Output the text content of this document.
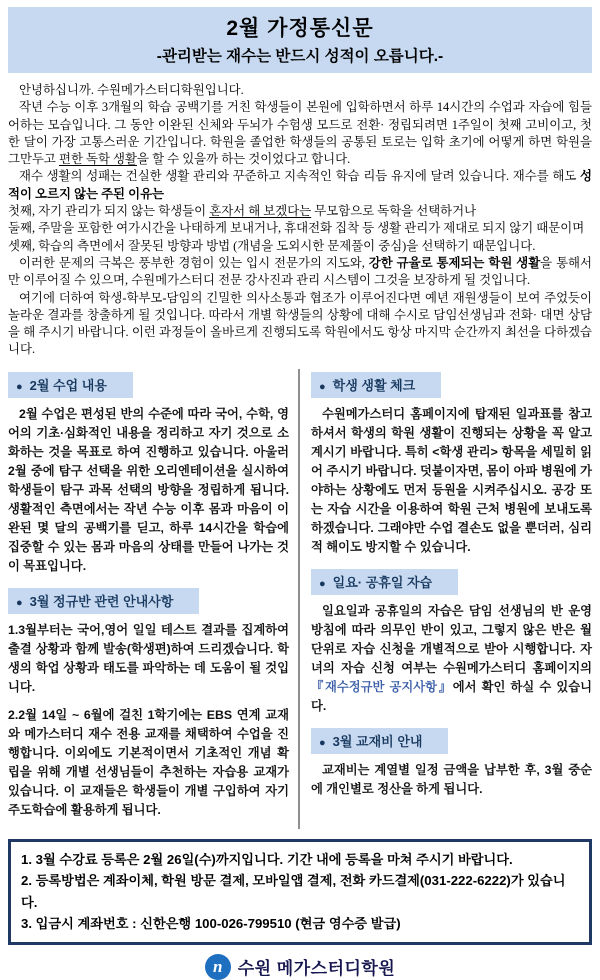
2월 가정통신문
-관리받는 재수는 반드시 성적이 오릅니다.-

안녕하십니까. 수원메가스터디학원입니다.

작년 수능 이후 3개월의 학습 공백기를 거친 학생들이 본원에 입학하면서 하루 14시간의 수업과 자습에 힘들어하는 모습입니다. 그 동안 이완된 신체와 두뇌가 수험생 모드로 전환· 정립되려면 1주일이 첫째 고비이고, 첫 한 달이 가장 고통스러운 기간입니다. 학원을 졸업한 학생들의 공통된 토로는 입학 초기에 어떻게 하면 학원을 그만두고 편한 독학 생활을 할 수 있을까 하는 것이었다고 합니다.

재수 생활의 성패는 건실한 생활 관리와 꾸준하고 지속적인 학습 리듬 유지에 달려 있습니다. 재수를 해도 성적이 오르지 않는 주된 이유는

첫째, 자기 관리가 되지 않는 학생들이 혼자서 해 보겠다는 무모함으로 독학을 선택하거나

둘째, 주말을 포함한 여가시간을 나태하게 보내거나, 휴대전화 집착 등 생활 관리가 제대로 되지 않기 때문이며

셋째, 학습의 측면에서 잘못된 방향과 방법 (개념을 도외시한 문제풀이 중심)을 선택하기 때문입니다.

이러한 문제의 극복은 풍부한 경험이 있는 입시 전문가의 지도와, 강한 규율로 통제되는 학원 생활을 통해서만 이루어질 수 있으며, 수원메가스터디 전문 강사진과 관리 시스템이 그것을 보장하게 될 것입니다.

여기에 더하여 학생-학부모-담임의 긴밀한 의사소통과 협조가 이루어진다면 예년 재원생들이 보여 주었듯이 놀라운 결과를 창출하게 될 것입니다. 따라서 개별 학생들의 상황에 대해 수시로 담임선생님과 전화· 대면 상담을 해 주시기 바랍니다. 이런 과정들이 올바르게 진행되도록 학원에서도 항상 마지막 순간까지 최선을 다하겠습니다.

● 2월 수업 내용

2월 수업은 편성된 반의 수준에 따라 국어, 수학, 영어의 기초·심화적인 내용을 정리하고 자기 것으로 소화하는 것을 목표로 하여 진행하고 있습니다. 아울러 2월 중에 탐구 선택을 위한 오리엔테이션을 실시하여 학생들이 탐구 과목 선택의 방향을 정립하게 됩니다. 생활적인 측면에서는 작년 수능 이후 몸과 마음이 이완된 몇 달의 공백기를 딛고, 하루 14시간을 학습에 집중할 수 있는 몸과 마음의 상태를 만들어 나가는 것이 목표입니다.

● 3월 정규반 관련 안내사항

1.3월부터는 국어,영어 일일 테스트 결과를 집계하여 출결 상황과 함께 발송(학생편)하여 드리겠습니다. 학생의 학업 상황과 태도를 파악하는 데 도움이 될 것입니다.

2.2월 14일 ~ 6월에 걸친 1학기에는 EBS 연계 교재와 메가스터디 재수 전용 교재를 채택하여 수업을 진행합니다. 이외에도 기본적이면서 기초적인 개념 확립을 위해 개별 선생님들이 추천하는 자습용 교재가 있습니다. 이 교재들은 학생들이 개별 구입하여 자기주도학습에 활용하게 됩니다.

● 학생 생활 체크

수원메가스터디 홈페이지에 탑재된 일과표를 참고하셔서 학생의 학원 생활이 진행되는 상황을 꼭 알고 계시기 바랍니다. 특히 <학생 관리> 항목을 세밀히 읽어 주시기 바랍니다. 덧붙이자면, 몸이 아파 병원에 가야하는 상황에도 먼저 등원을 시켜주십시오. 공강 또는 자습 시간을 이용하여 학원 근처 병원에 보내도록 하겠습니다. 그래야만 수업 결손도 없을 뿐더러, 심리적 해이도 방지할 수 있습니다.

● 일요· 공휴일 자습

일요일과 공휴일의 자습은 담임 선생님의 반 운영 방침에 따라 의무인 반이 있고, 그렇지 않은 반은 월 단위로 자습 신청을 개별적으로 받아 시행합니다. 자녀의 자습 신청 여부는 수원메가스터디 홈페이지의 『재수정규반 공지사항』에서 확인 하실 수 있습니다.

● 3월 교재비 안내

교재비는 계열별 일정 금액을 납부한 후, 3월 중순에 개인별로 정산을 하게 됩니다.

1. 3월 수강료 등록은 2월 26일(수)까지입니다. 기간 내에 등록을 마쳐 주시기 바랍니다.

2. 등록방법은 계좌이체, 학원 방문 결제, 모바일앱 결제, 전화 카드결제(031-222-6222)가 있습니다.

3. 입금시 계좌번호 : 신한은행 100-026-799510 (현금 영수증 발급)

n 수원 메가스터디학원
